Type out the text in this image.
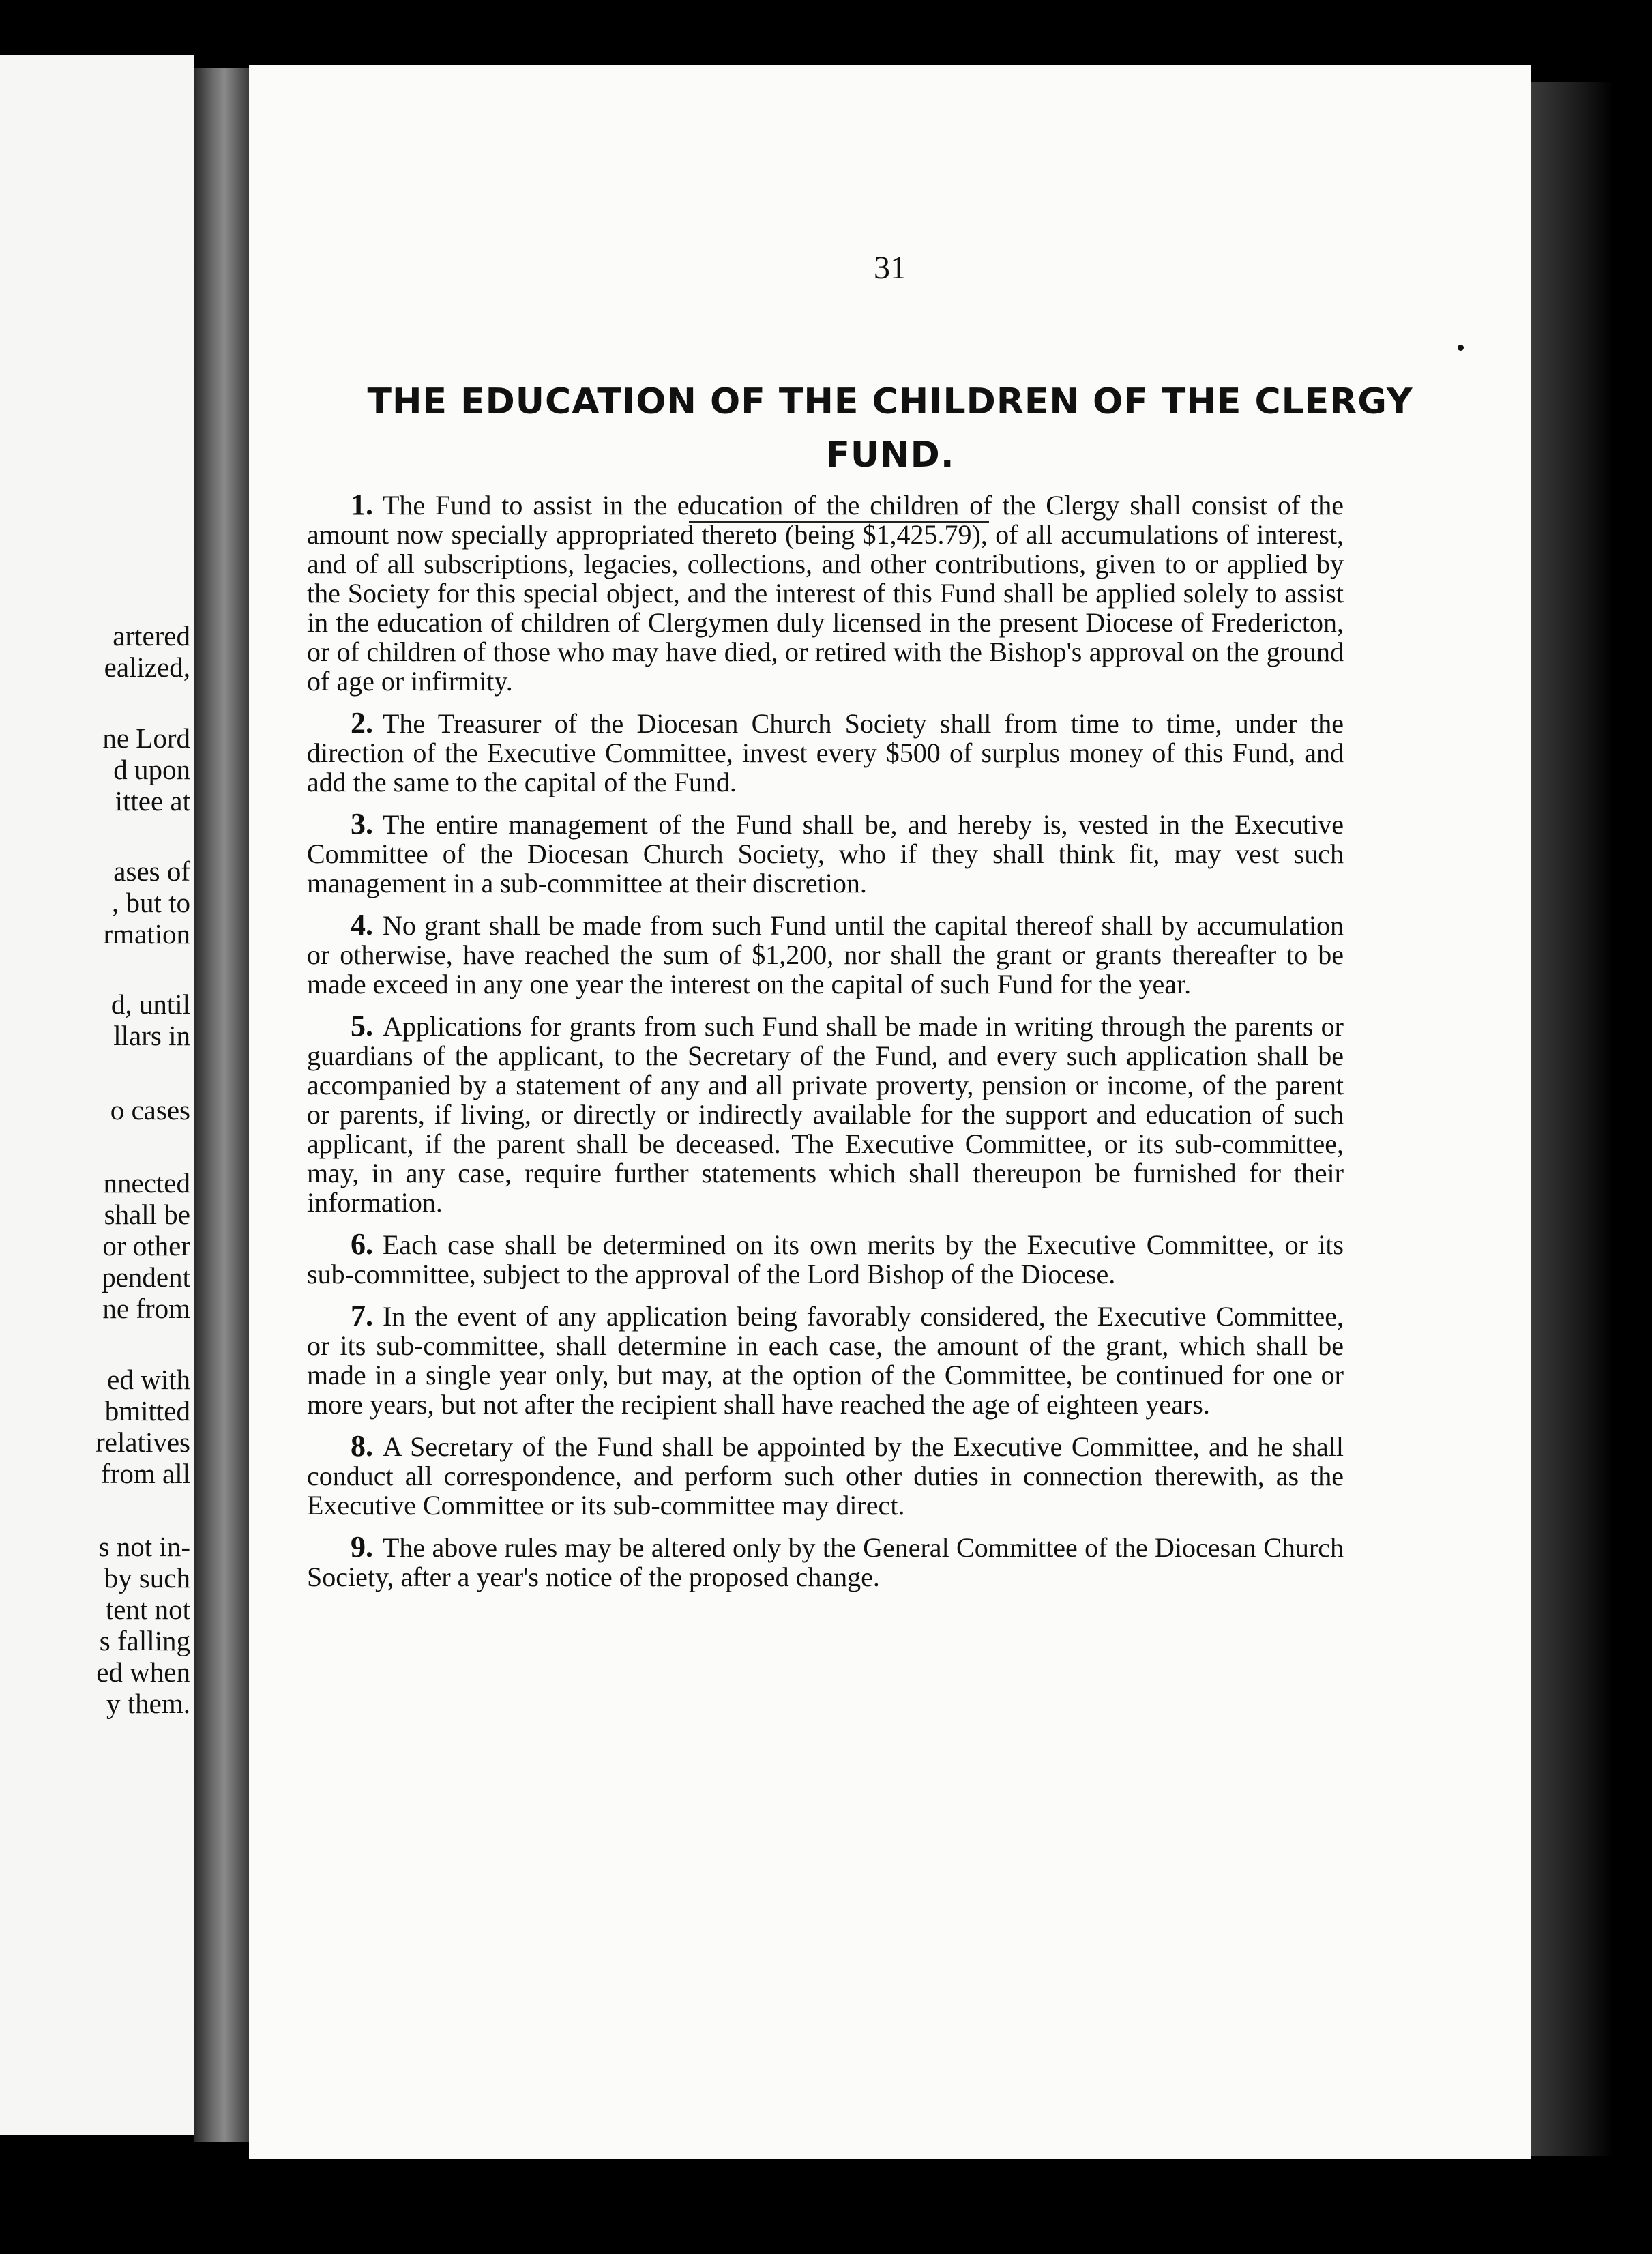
artered
ealized,
ne Lord
d upon
ittee at
ases of
, but to
rmation
d, until
llars in
o cases
nnected
shall be
or other
pendent
ne from
ed with
bmitted
relatives
from all
s not in-
by such
tent not
s falling
ed when
y them.
31
THE EDUCATION OF THE CHILDREN OF THE CLERGY
FUND.

1. The Fund to assist in the education of the children of the Clergy shall consist of the amount now specially appropriated thereto (being $1,425.79), of all accumulations of interest, and of all subscriptions, legacies, collections, and other contributions, given to or applied by the Society for this special object, and the interest of this Fund shall be applied solely to assist in the education of children of Clergymen duly licensed in the present Diocese of Fredericton, or of children of those who may have died, or retired with the Bishop's approval on the ground of age or infirmity.

2. The Treasurer of the Diocesan Church Society shall from time to time, under the direction of the Executive Committee, invest every $500 of surplus money of this Fund, and add the same to the capital of the Fund.

3. The entire management of the Fund shall be, and hereby is, vested in the Executive Committee of the Diocesan Church Society, who if they shall think fit, may vest such management in a sub-committee at their discretion.

4. No grant shall be made from such Fund until the capital thereof shall by accumulation or otherwise, have reached the sum of $1,200, nor shall the grant or grants thereafter to be made exceed in any one year the interest on the capital of such Fund for the year.

5. Applications for grants from such Fund shall be made in writing through the parents or guardians of the applicant, to the Secretary of the Fund, and every such application shall be accompanied by a statement of any and all private proverty, pension or income, of the parent or parents, if living, or directly or indirectly available for the support and education of such applicant, if the parent shall be deceased. The Executive Committee, or its sub-committee, may, in any case, require further statements which shall thereupon be furnished for their information.

6. Each case shall be determined on its own merits by the Executive Committee, or its sub-committee, subject to the approval of the Lord Bishop of the Diocese.

7. In the event of any application being favorably considered, the Executive Committee, or its sub-committee, shall determine in each case, the amount of the grant, which shall be made in a single year only, but may, at the option of the Committee, be continued for one or more years, but not after the recipient shall have reached the age of eighteen years.

8. A Secretary of the Fund shall be appointed by the Executive Committee, and he shall conduct all correspondence, and perform such other duties in connection therewith, as the Executive Committee or its sub-committee may direct.

9. The above rules may be altered only by the General Committee of the Diocesan Church Society, after a year's notice of the proposed change.
